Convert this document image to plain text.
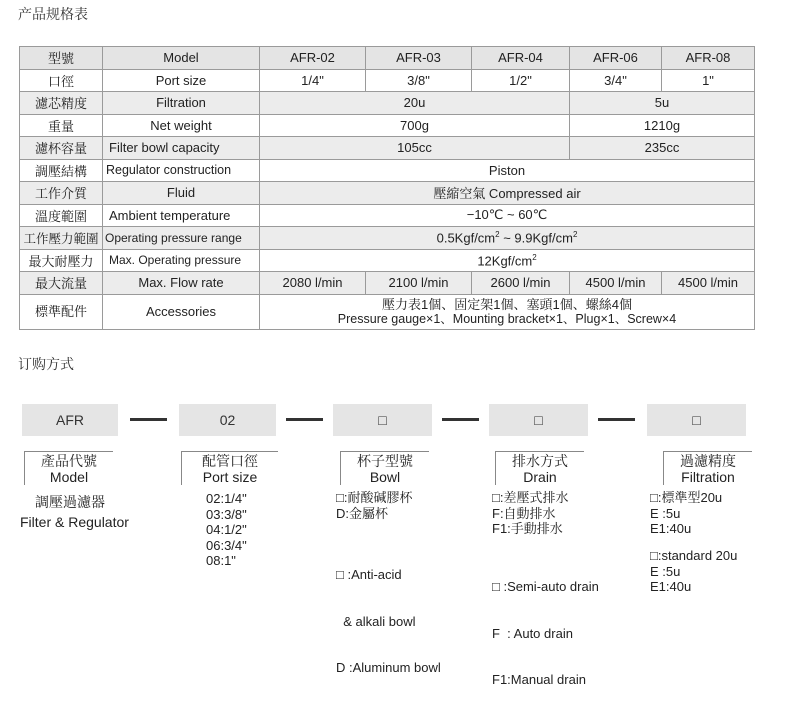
产品规格表
型號	Model	AFR-02	AFR-03	AFR-04	AFR-06	AFR-08
口徑	Port size	1/4"	3/8"	1/2"	3/4"	1"
濾芯精度	Filtration	20u			5u	
重量	Net weight	700g			1210g	
濾杯容量	Filter bowl capacity	105cc			235cc	
調壓結構	Regulator construction	Piston				
工作介質	Fluid	壓縮空氣 Compressed air				
溫度範圍	Ambient temperature	−10℃ ~ 60℃				
工作壓力範圍	Operating pressure range	$0.5Kgf/cm^2$ ~ $9.9Kgf/cm^2$
最大耐壓力	Max. Operating pressure	$12Kgf/cm^2$
最大流量	Max. Flow rate	2080 l/min	2100 l/min	2600 l/min	4500 l/min	4500 l/min
標準配件	Accessories	壓力表1個、固定架1個、塞頭1個、螺絲4個
Pressure gauge×1、Mounting bracket×1、Plug×1、Screw×4				
订购方式
AFR	02	□	□	□
產品代號
Model
配管口徑
Port size
杯子型號
Bowl
排水方式
Drain
過濾精度
Filtration
調壓過濾器
Filter & Regulator
02:1/4"
03:3/8"
04:1/2"
06:3/4"
08:1"
□:耐酸碱膠杯
D:金屬杯

□ :Anti-acid

& alkali bowl

D :Aluminum bowl

□:差壓式排水
F:自動排水
F1:手動排水

□ :Semi-auto drain

F  : Auto drain

F1:Manual drain

□:標準型20u
E :5u
E1:40u
□:standard 20u
E :5u
E1:40u
